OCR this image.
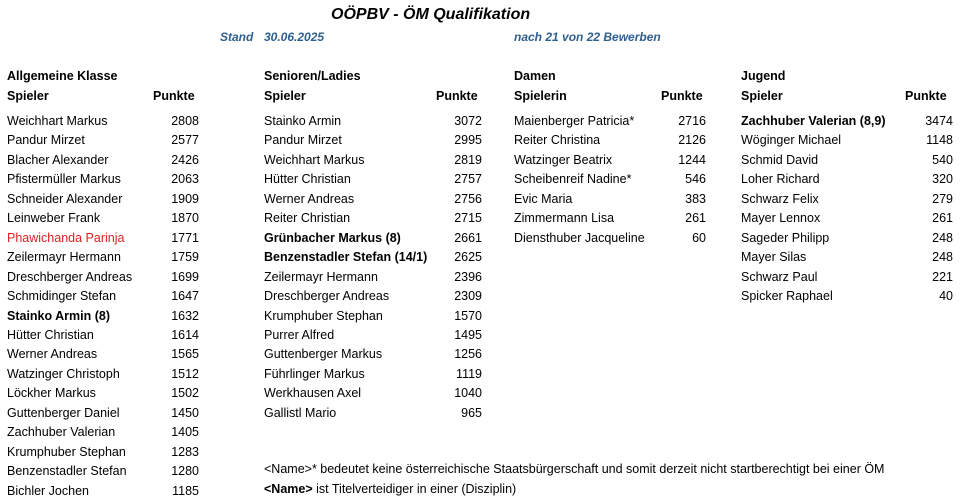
OÖPBV - ÖM Qualifikation
Stand 30.06.2025	nach 21 von 22 Bewerben
Allgemeine Klasse
Spieler	Punkte
Senioren/Ladies
Spieler	Punkte
Damen
Spielerin	Punkte
Jugend
Spieler	Punkte
Weichhart Markus	2808
Pandur Mirzet	2577
Blacher Alexander	2426
Pfistermüller Markus	2063
Schneider Alexander	1909
Leinweber Frank	1870
Phawichanda Parinja	1771
Zeilermayr Hermann	1759
Dreschberger Andreas	1699
Schmidinger Stefan	1647
Stainko Armin (8)	1632
Hütter Christian	1614
Werner Andreas	1565
Watzinger Christoph	1512
Löckher Markus	1502
Guttenberger Daniel	1450
Zachhuber Valerian	1405
Krumphuber Stephan	1283
Benzenstadler Stefan	1280
Bichler Jochen	1185
Stainko Armin	3072
Pandur Mirzet	2995
Weichhart Markus	2819
Hütter Christian	2757
Werner Andreas	2756
Reiter Christian	2715
Grünbacher Markus (8)	2661
Benzenstadler Stefan (14/1) 2625
Zeilermayr Hermann	2396
Dreschberger Andreas	2309
Krumphuber Stephan	1570
Purrer Alfred	1495
Guttenberger Markus	1256
Führlinger Markus	1119
Werkhausen Axel	1040
Gallistl Mario	965
Maienberger Patricia*	2716
Reiter Christina	2126
Watzinger Beatrix	1244
Scheibenreif Nadine*	546
Evic Maria	383
Zimmermann Lisa	261
Diensthuber Jacqueline	60
Zachhuber Valerian (8,9)	3474
Wöginger Michael	1148
Schmid David	540
Loher Richard	320
Schwarz Felix	279
Mayer Lennox	261
Sageder Philipp	248
Mayer Silas	248
Schwarz Paul	221
Spicker Raphael	40
<Name>* bedeutet keine österreichische Staatsbürgerschaft und somit derzeit nicht startberechtigt bei einer ÖM
<Name> ist Titelverteidiger in einer (Disziplin)
